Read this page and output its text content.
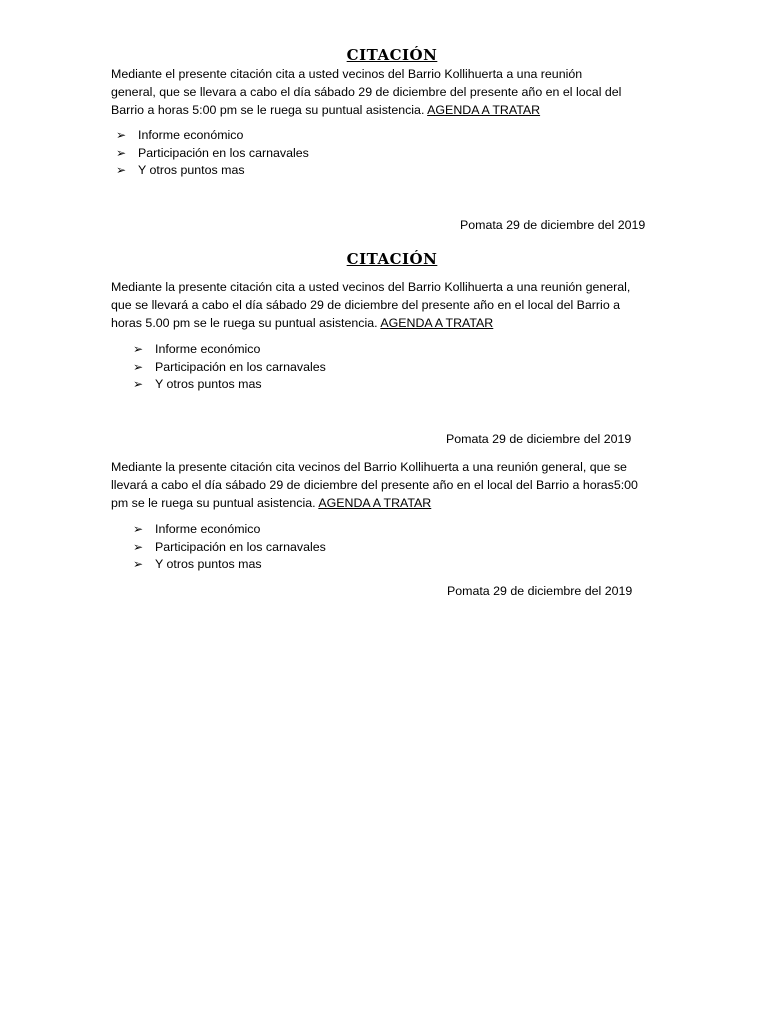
CITACIÓN

Mediante el presente citación cita a usted vecinos del Barrio Kollihuerta a una reunión
general, que se llevara a cabo el día sábado 29 de diciembre del presente año en el local del
Barrio a horas 5:00 pm se le ruega su puntual asistencia. AGENDA A TRATAR

➢ Informe económico
➢ Participación en los carnavales
➢ Y otros puntos mas
Pomata 29 de diciembre del 2019
CITACIÓN

Mediante la presente citación cita a usted vecinos del Barrio Kollihuerta a una reunión general,
que se llevará a cabo el día sábado 29 de diciembre del presente año en el local del Barrio a
horas 5.00 pm se le ruega su puntual asistencia. AGENDA A TRATAR

➢ Informe económico
➢ Participación en los carnavales
➢ Y otros puntos mas
Pomata 29 de diciembre del 2019

Mediante la presente citación cita vecinos del Barrio Kollihuerta a una reunión general, que se
llevará a cabo el día sábado 29 de diciembre del presente año en el local del Barrio a horas5:00
pm se le ruega su puntual asistencia. AGENDA A TRATAR

➢ Informe económico
➢ Participación en los carnavales
➢ Y otros puntos mas
Pomata 29 de diciembre del 2019
